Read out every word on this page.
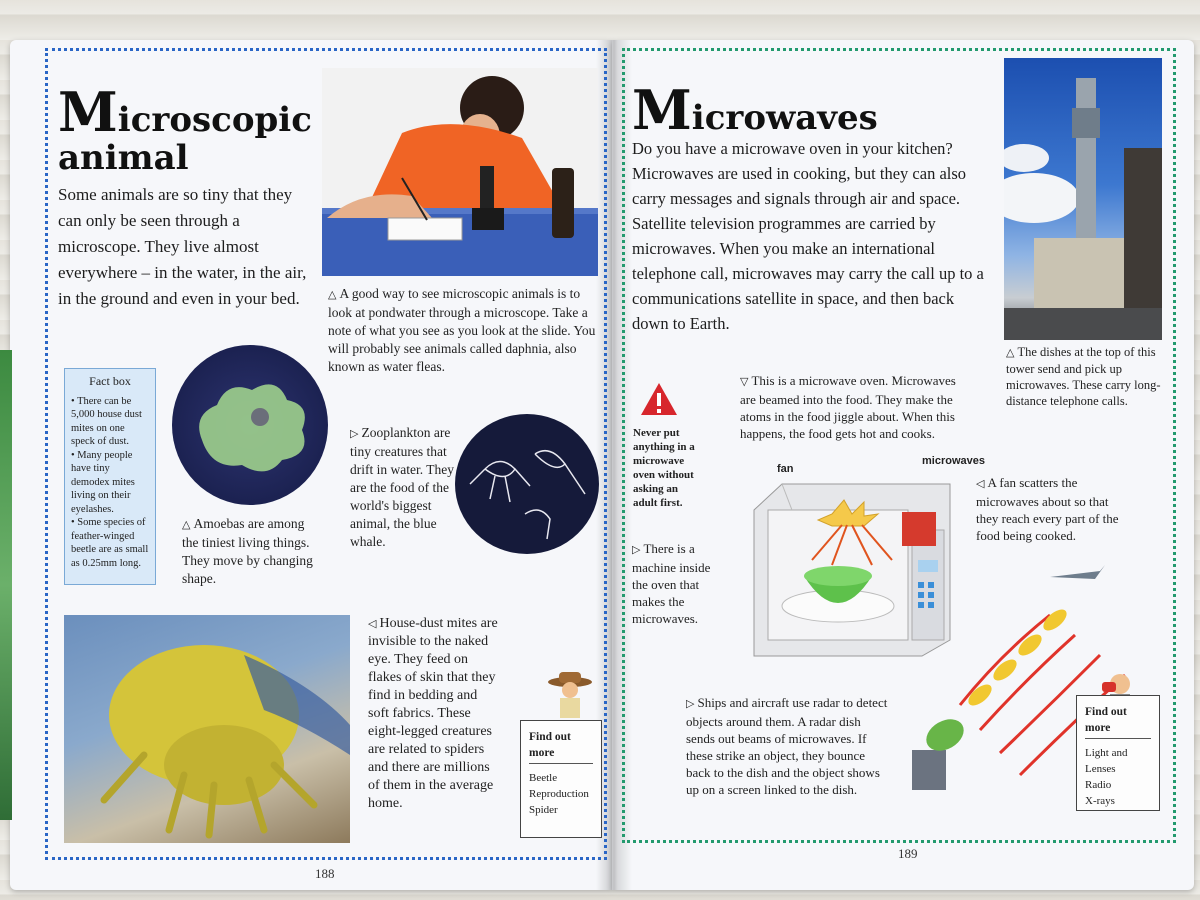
Microscopic
animal
Some animals are so tiny that they can only be seen through a microscope. They live almost everywhere – in the water, in the air, in the ground and even in your bed.	△ A good way to see microscopic animals is to look at pondwater through a microscope. Take a note of what you see as you look at the slide. You will probably see animals called daphnia, also known as water fleas.
Fact box
• There can be 5,000 house dust mites on one speck of dust.
• Many people have tiny demodex mites living on their eyelashes.
• Some species of feather-winged beetle are as small as 0.25mm long.
△ Amoebas are among the tiniest living things. They move by changing shape.
▷ Zooplankton are tiny creatures that drift in water. They are the food of the world's biggest animal, the blue whale.
◁ House-dust mites are invisible to the naked eye. They feed on flakes of skin that they find in bedding and soft fabrics. These eight-legged creatures are related to spiders and there are millions of them in the average home.
Find out more
Beetle
Reproduction
Spider
188
Microwaves
Do you have a microwave oven in your kitchen? Microwaves are used in cooking, but they can also carry messages and signals through air and space. Satellite television programmes are carried by microwaves. When you make an international telephone call, microwaves may carry the call up to a communications satellite in space, and then back down to Earth.
△ The dishes at the top of this tower send and pick up microwaves. These carry long-distance telephone calls.
Never put anything in a microwave oven without asking an adult first.
▽ This is a microwave oven. Microwaves are beamed into the food. They make the atoms in the food jiggle about. When this happens, the food gets hot and cooks.
▷ There is a machine inside the oven that makes the microwaves.
fan
microwaves
◁ A fan scatters the microwaves about so that they reach every part of the food being cooked.
▷ Ships and aircraft use radar to detect objects around them. A radar dish sends out beams of microwaves. If these strike an object, they bounce back to the dish and the object shows up on a screen linked to the dish.
Find out more
Light and Lenses
Radio
X-rays
189
